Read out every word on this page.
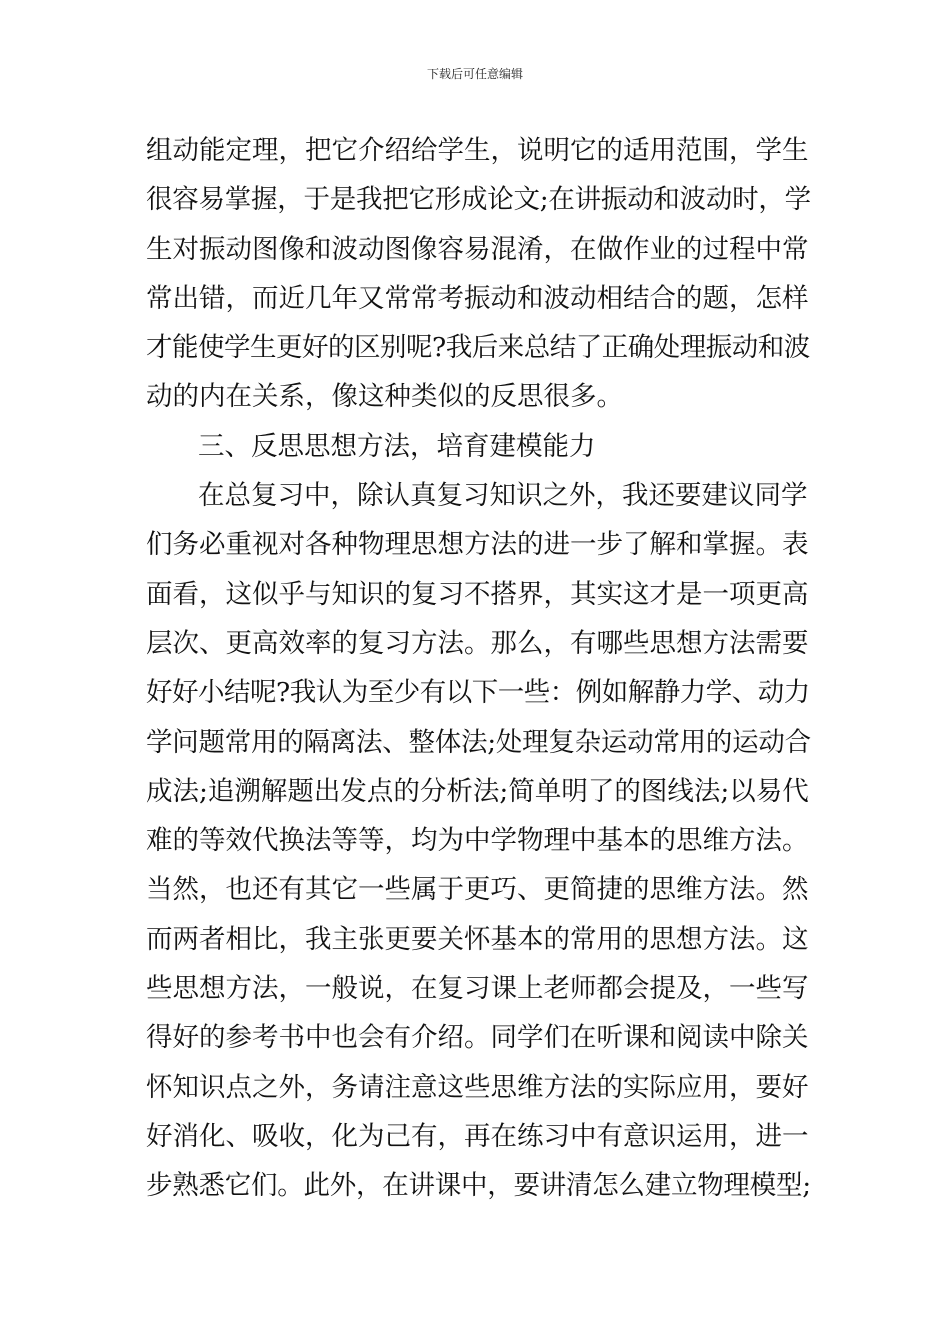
下载后可任意编辑
组动能定理，把它介绍给学生，说明它的适用范围，学生
很容易掌握，于是我把它形成论文;在讲振动和波动时，学
生对振动图像和波动图像容易混淆，在做作业的过程中常
常出错，而近几年又常常考振动和波动相结合的题，怎样
才能使学生更好的区别呢?我后来总结了正确处理振动和波
动的内在关系，像这种类似的反思很多。
三、反思思想方法，培育建模能力
在总复习中，除认真复习知识之外，我还要建议同学
们务必重视对各种物理思想方法的进一步了解和掌握。表
面看，这似乎与知识的复习不搭界，其实这才是一项更高
层次、更高效率的复习方法。那么，有哪些思想方法需要
好好小结呢?我认为至少有以下一些：例如解静力学、动力
学问题常用的隔离法、整体法;处理复杂运动常用的运动合
成法;追溯解题出发点的分析法;简单明了的图线法;以易代
难的等效代换法等等，均为中学物理中基本的思维方法。
当然，也还有其它一些属于更巧、更简捷的思维方法。然
而两者相比，我主张更要关怀基本的常用的思想方法。这
些思想方法，一般说，在复习课上老师都会提及，一些写
得好的参考书中也会有介绍。同学们在听课和阅读中除关
怀知识点之外，务请注意这些思维方法的实际应用，要好
好消化、吸收，化为己有，再在练习中有意识运用，进一
步熟悉它们。此外，在讲课中，要讲清怎么建立物理模型;
